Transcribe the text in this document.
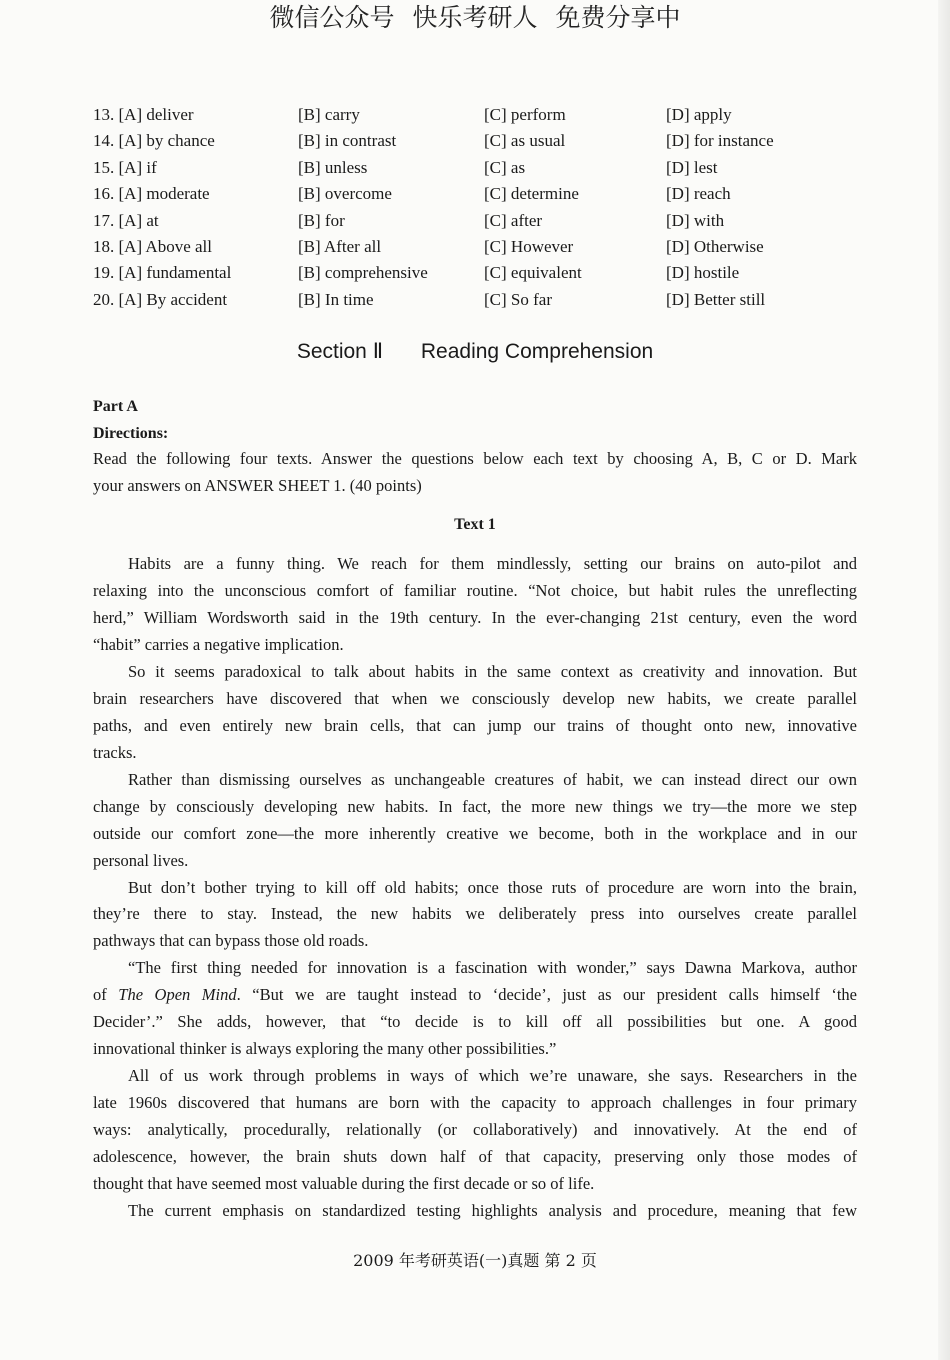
微信公众号 快乐考研人 免费分享中
13. [A] deliver	[B] carry	[C] perform	[D] apply
14. [A] by chance	[B] in contrast	[C] as usual	[D] for instance
15. [A] if	[B] unless	[C] as	[D] lest
16. [A] moderate	[B] overcome	[C] determine	[D] reach
17. [A] at	[B] for	[C] after	[D] with
18. [A] Above all	[B] After all	[C] However	[D] Otherwise
19. [A] fundamental	[B] comprehensive	[C] equivalent	[D] hostile
20. [A] By accident	[B] In time	[C] So far	[D] Better still
Section Ⅱ Reading Comprehension
Part A
Directions:
Read the following four texts. Answer the questions below each text by choosing A, B, C or D. Mark
your answers on ANSWER SHEET 1. (40 points)
Text 1
Habits are a funny thing. We reach for them mindlessly, setting our brains on auto-pilot and
relaxing into the unconscious comfort of familiar routine. “Not choice, but habit rules the unreflecting
herd,” William Wordsworth said in the 19th century. In the ever-changing 21st century, even the word
“habit” carries a negative implication.
So it seems paradoxical to talk about habits in the same context as creativity and innovation. But
brain researchers have discovered that when we consciously develop new habits, we create parallel
paths, and even entirely new brain cells, that can jump our trains of thought onto new, innovative
tracks.
Rather than dismissing ourselves as unchangeable creatures of habit, we can instead direct our own
change by consciously developing new habits. In fact, the more new things we try—the more we step
outside our comfort zone—the more inherently creative we become, both in the workplace and in our
personal lives.
But don’t bother trying to kill off old habits; once those ruts of procedure are worn into the brain,
they’re there to stay. Instead, the new habits we deliberately press into ourselves create parallel
pathways that can bypass those old roads.
“The first thing needed for innovation is a fascination with wonder,” says Dawna Markova, author
of The Open Mind. “But we are taught instead to ‘decide’, just as our president calls himself ‘the
Decider’.” She adds, however, that “to decide is to kill off all possibilities but one. A good
innovational thinker is always exploring the many other possibilities.”
All of us work through problems in ways of which we’re unaware, she says. Researchers in the
late 1960s discovered that humans are born with the capacity to approach challenges in four primary
ways: analytically, procedurally, relationally (or collaboratively) and innovatively. At the end of
adolescence, however, the brain shuts down half of that capacity, preserving only those modes of
thought that have seemed most valuable during the first decade or so of life.
The current emphasis on standardized testing highlights analysis and procedure, meaning that few
2009 年考研英语(一)真题 第 2 页
